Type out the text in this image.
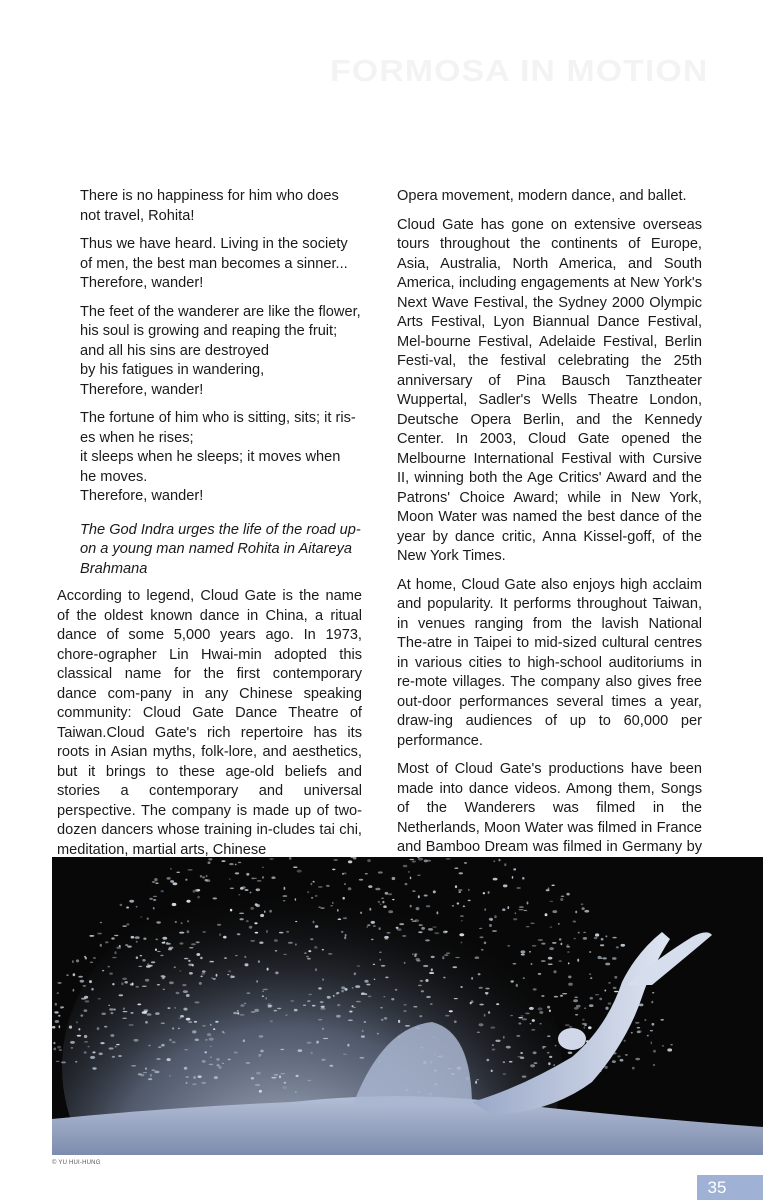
FORMOSA IN MOTION
There is no happiness for him who does
not travel, Rohita!
Thus we have heard. Living in the society
of men, the best man becomes a sinner...
Therefore, wander!
The feet of the wanderer are like the flower,
his soul is growing and reaping the fruit;
and all his sins are destroyed
by his fatigues in wandering,
Therefore, wander!
The fortune of him who is sitting, sits; it ris-
es when he rises;
it sleeps when he sleeps; it moves when
he moves.
Therefore, wander!
The God Indra urges the life of the road up-on a young man named Rohita in Aitareya Brahmana

According to legend, Cloud Gate is the name of the oldest known dance in China, a ritual dance of some 5,000 years ago. In 1973, chore-ographer Lin Hwai-min adopted this classical name for the first contemporary dance com-pany in any Chinese speaking community: Cloud Gate Dance Theatre of Taiwan.Cloud Gate's rich repertoire has its roots in Asian myths, folk-lore, and aesthetics, but it brings to these age-old beliefs and stories a contemporary and universal perspective. The company is made up of two-dozen dancers whose training in-cludes tai chi, meditation, martial arts, Chinese

Opera movement, modern dance, and ballet.

Cloud Gate has gone on extensive overseas tours throughout the continents of Europe, Asia, Australia, North America, and South America, including engagements at New York's Next Wave Festival, the Sydney 2000 Olympic Arts Festival, Lyon Biannual Dance Festival, Mel-bourne Festival, Adelaide Festival, Berlin Festi-val, the festival celebrating the 25th anniversary of Pina Bausch Tanztheater Wuppertal, Sadler's Wells Theatre London, Deutsche Opera Berlin, and the Kennedy Center. In 2003, Cloud Gate opened the Melbourne International Festival with Cursive II, winning both the Age Critics' Award and the Patrons' Choice Award; while in New York, Moon Water was named the best dance of the year by dance critic, Anna Kissel-goff, of the New York Times.

At home, Cloud Gate also enjoys high acclaim and popularity. It performs throughout Taiwan, in venues ranging from the lavish National The-atre in Taipei to mid-sized cultural centres in various cities to high-school auditoriums in re-mote villages. The company also gives free out-door performances several times a year, draw-ing audiences of up to 60,000 per performance.

Most of Cloud Gate's productions have been made into dance videos. Among them, Songs of the Wanderers was filmed in the Netherlands, Moon Water was filmed in France and Bamboo Dream was filmed in Germany by

© YU HUI-HUNG
35
